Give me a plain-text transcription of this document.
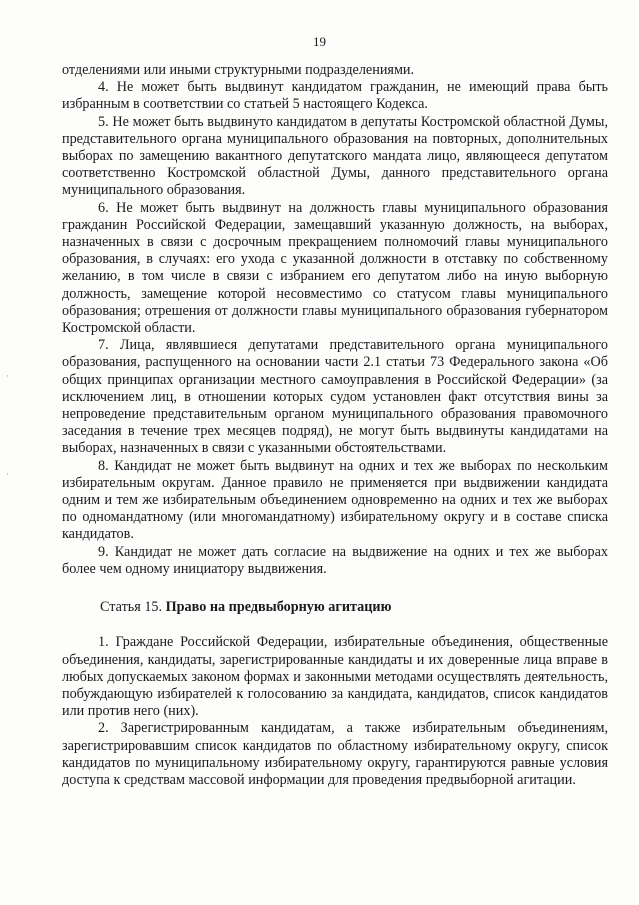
19

отделениями или иными структурными подразделениями.

4. Не может быть выдвинут кандидатом гражданин, не имеющий права быть избранным в соответствии со статьей 5 настоящего Кодекса.

5. Не может быть выдвинуто кандидатом в депутаты Костромской областной Думы, представительного органа муниципального образования на повторных, дополнительных выборах по замещению вакантного депутатского мандата лицо, являющееся депутатом соответственно Костромской областной Думы, данного представительного органа муниципального образования.

6. Не может быть выдвинут на должность главы муниципального образования гражданин Российской Федерации, замещавший указанную должность, на выборах, назначенных в связи с досрочным прекращением полномочий главы муниципального образования, в случаях: его ухода с указанной должности в отставку по собственному желанию, в том числе в связи с избранием его депутатом либо на иную выборную должность, замещение которой несовместимо со статусом главы муниципального образования; отрешения от должности главы муниципального образования губернатором Костромской области.

7. Лица, являвшиеся депутатами представительного органа муниципального образования, распущенного на основании части 2.1 статьи 73 Федерального закона «Об общих принципах организации местного самоуправления в Российской Федерации» (за исключением лиц, в отношении которых судом установлен факт отсутствия вины за непроведение представительным органом муниципального образования правомочного заседания в течение трех месяцев подряд), не могут быть выдвинуты кандидатами на выборах, назначенных в связи с указанными обстоятельствами.

8. Кандидат не может быть выдвинут на одних и тех же выборах по нескольким избирательным округам. Данное правило не применяется при выдвижении кандидата одним и тем же избирательным объединением одновременно на одних и тех же выборах по одномандатному (или многомандатному) избирательному округу и в составе списка кандидатов.

9. Кандидат не может дать согласие на выдвижение на одних и тех же выборах более чем одному инициатору выдвижения.

Статья 15. Право на предвыборную агитацию

1. Граждане Российской Федерации, избирательные объединения, общественные объединения, кандидаты, зарегистрированные кандидаты и их доверенные лица вправе в любых допускаемых законом формах и законными методами осуществлять деятельность, побуждающую избирателей к голосованию за кандидата, кандидатов, список кандидатов или против него (них).

2. Зарегистрированным кандидатам, а также избирательным объединениям, зарегистрировавшим список кандидатов по областному избирательному округу, список кандидатов по муниципальному избирательному округу, гарантируются равные условия доступа к средствам массовой информации для проведения предвыборной агитации.

·
·
